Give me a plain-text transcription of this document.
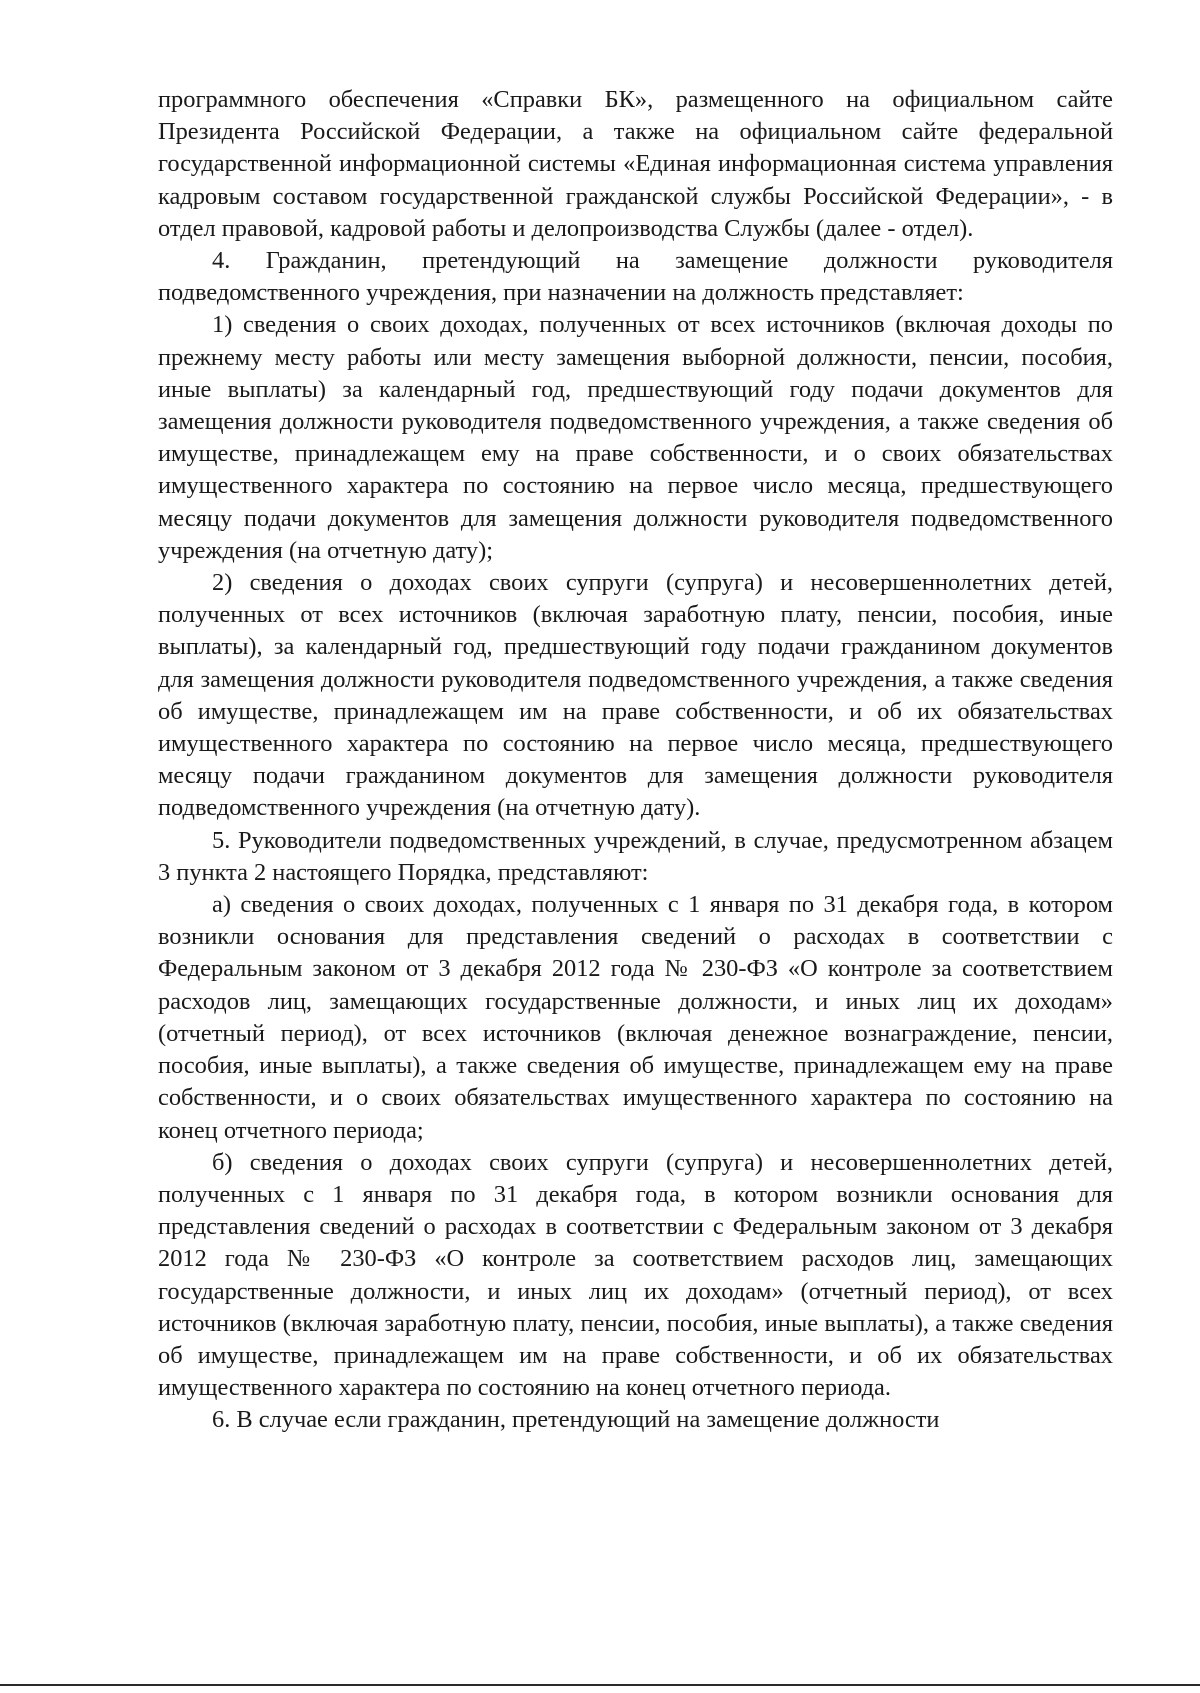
программного обеспечения «Справки БК», размещенного на официальном сайте Президента Российской Федерации, а также на официальном сайте федеральной государственной информационной системы «Единая информационная система управления кадровым составом государственной гражданской службы Российской Федерации», - в отдел правовой, кадровой работы и делопроизводства Службы (далее - отдел).

4. Гражданин, претендующий на замещение должности руководителя подведомственного учреждения, при назначении на должность представляет:

1) сведения о своих доходах, полученных от всех источников (включая доходы по прежнему месту работы или месту замещения выборной должности, пенсии, пособия, иные выплаты) за календарный год, предшествующий году подачи документов для замещения должности руководителя подведомственного учреждения, а также сведения об имуществе, принадлежащем ему на праве собственности, и о своих обязательствах имущественного характера по состоянию на первое число месяца, предшествующего месяцу подачи документов для замещения должности руководителя подведомственного учреждения (на отчетную дату);

2) сведения о доходах своих супруги (супруга) и несовершеннолетних детей, полученных от всех источников (включая заработную плату, пенсии, пособия, иные выплаты), за календарный год, предшествующий году подачи гражданином документов для замещения должности руководителя подведомственного учреждения, а также сведения об имуществе, принадлежащем им на праве собственности, и об их обязательствах имущественного характера по состоянию на первое число месяца, предшествующего месяцу подачи гражданином документов для замещения должности руководителя подведомственного учреждения (на отчетную дату).

5. Руководители подведомственных учреждений, в случае, предусмотренном абзацем 3 пункта 2 настоящего Порядка, представляют:

а) сведения о своих доходах, полученных с 1 января по 31 декабря года, в котором возникли основания для представления сведений о расходах в соответствии с Федеральным законом от 3 декабря 2012 года № 230-ФЗ «О контроле за соответствием расходов лиц, замещающих государственные должности, и иных лиц их доходам» (отчетный период), от всех источников (включая денежное вознаграждение, пенсии, пособия, иные выплаты), а также сведения об имуществе, принадлежащем ему на праве собственности, и о своих обязательствах имущественного характера по состоянию на конец отчетного периода;

б) сведения о доходах своих супруги (супруга) и несовершеннолетних детей, полученных с 1 января по 31 декабря года, в котором возникли основания для представления сведений о расходах в соответствии с Федеральным законом от 3 декабря 2012 года № 230-ФЗ «О контроле за соответствием расходов лиц, замещающих государственные должности, и иных лиц их доходам» (отчетный период), от всех источников (включая заработную плату, пенсии, пособия, иные выплаты), а также сведения об имуществе, принадлежащем им на праве собственности, и об их обязательствах имущественного характера по состоянию на конец отчетного периода.

6. В случае если гражданин, претендующий на замещение должности
